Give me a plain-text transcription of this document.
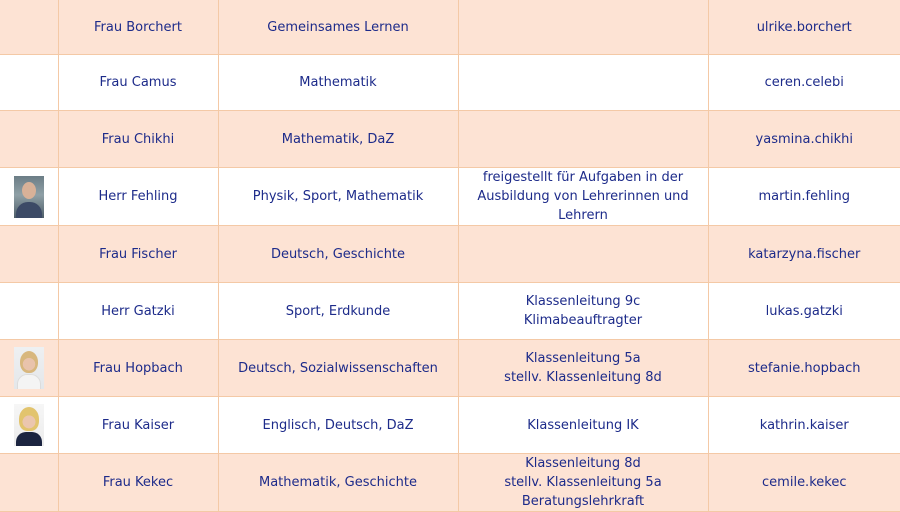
	Frau Borchert	Gemeinsames Lernen		ulrike.borchert
	Frau Camus	Mathematik		ceren.celebi
	Frau Chikhi	Mathematik, DaZ		yasmina.chikhi

	Herr Fehling	Physik, Sport, Mathematik	freigestellt für Aufgaben in der
Ausbildung von Lehrerinnen und
Lehrern	martin.fehling
	Frau Fischer	Deutsch, Geschichte		katarzyna.fischer
	Herr Gatzki	Sport, Erdkunde	Klassenleitung 9c
Klimabeauftragter	lukas.gatzki

	Frau Hopbach	Deutsch, Sozialwissenschaften	Klassenleitung 5a
stellv. Klassenleitung 8d	stefanie.hopbach

	Frau Kaiser	Englisch, Deutsch, DaZ	Klassenleitung IK	kathrin.kaiser
	Frau Kekec	Mathematik, Geschichte	Klassenleitung 8d
stellv. Klassenleitung 5a
Beratungslehrkraft	cemile.kekec
